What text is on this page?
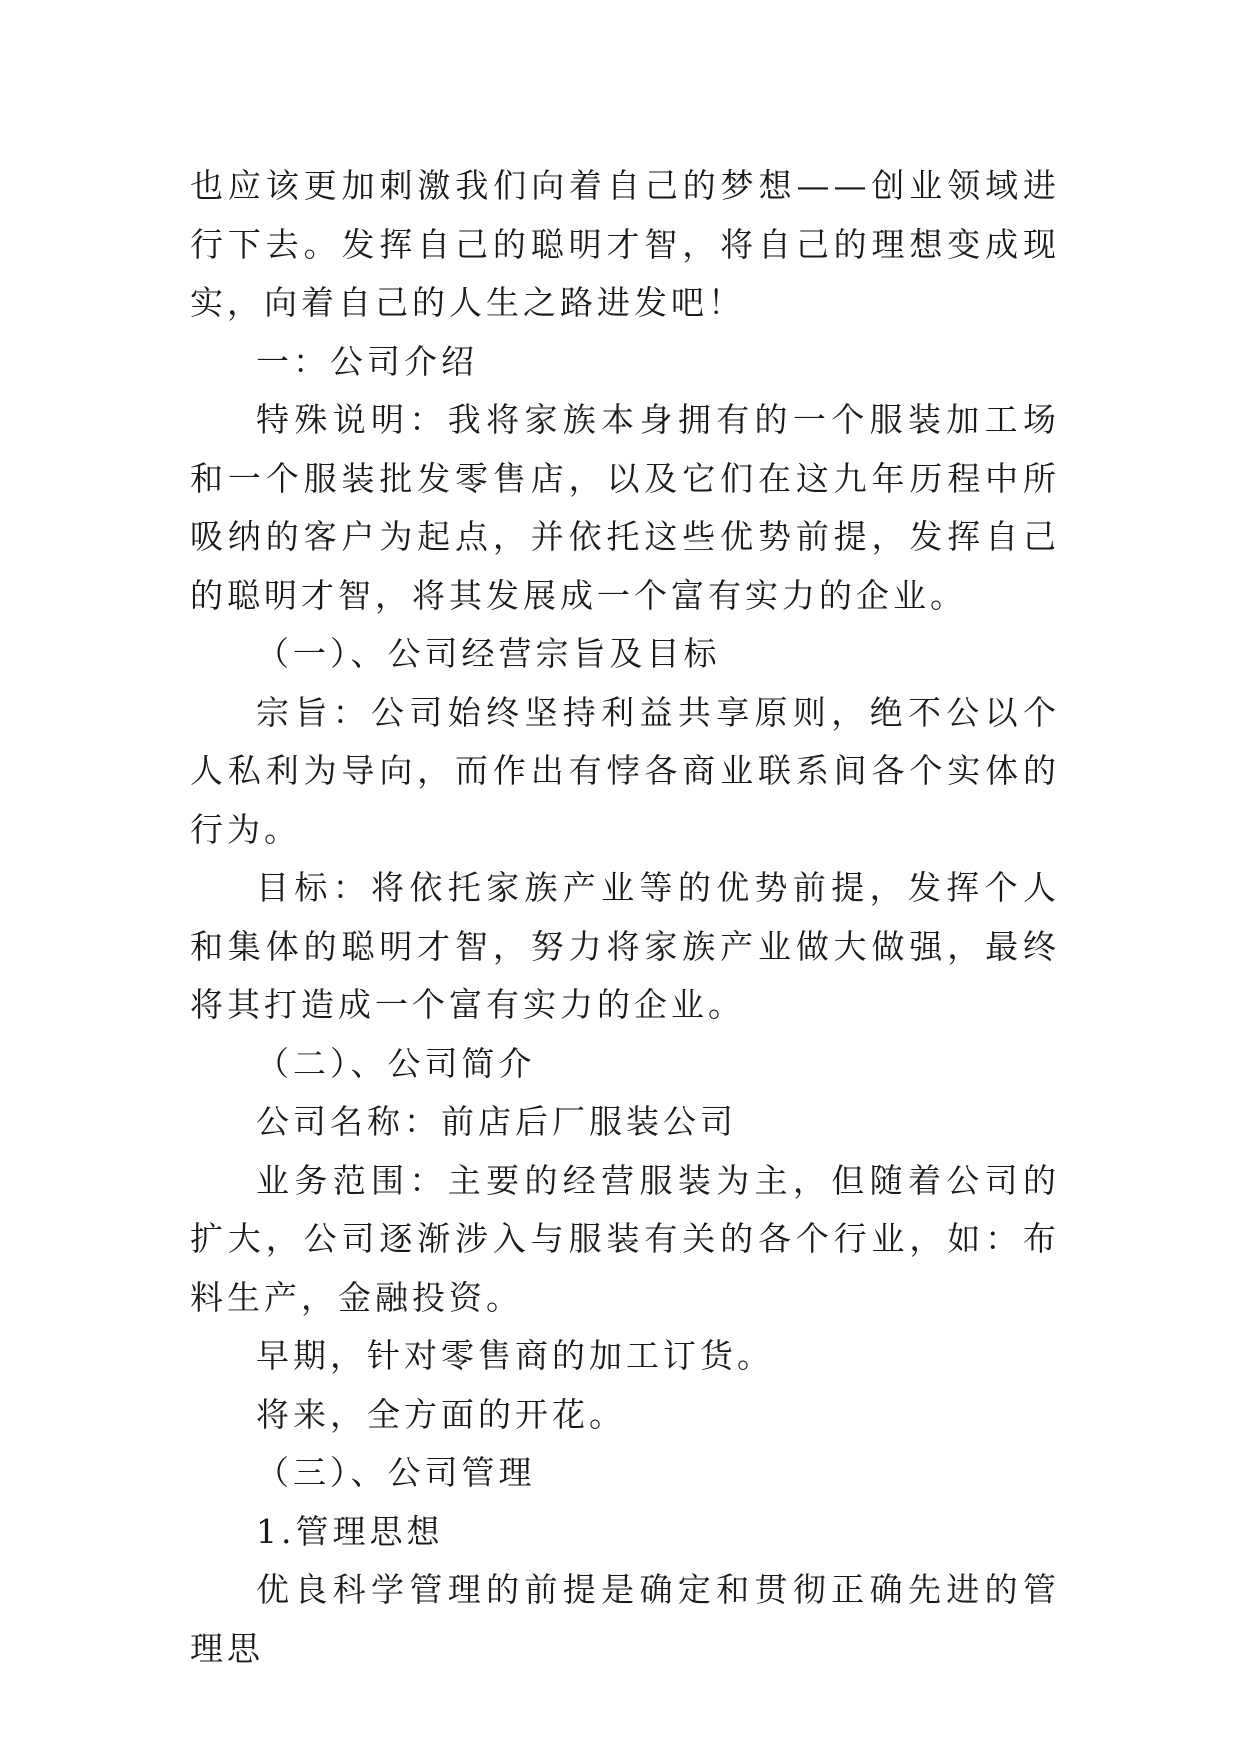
也应该更加刺激我们向着自己的梦想——创业领域进行下去。发挥自己的聪明才智，将自己的理想变成现实，向着自己的人生之路进发吧！

一：公司介绍

特殊说明：我将家族本身拥有的一个服装加工场和一个服装批发零售店，以及它们在这九年历程中所吸纳的客户为起点，并依托这些优势前提，发挥自己的聪明才智，将其发展成一个富有实力的企业。

（一）、公司经营宗旨及目标

宗旨：公司始终坚持利益共享原则，绝不公以个人私利为导向，而作出有悖各商业联系间各个实体的行为。

目标：将依托家族产业等的优势前提，发挥个人和集体的聪明才智，努力将家族产业做大做强，最终将其打造成一个富有实力的企业。

（二）、公司简介

公司名称：前店后厂服装公司

业务范围：主要的经营服装为主，但随着公司的扩大，公司逐渐涉入与服装有关的各个行业，如：布料生产，金融投资。

早期，针对零售商的加工订货。

将来，全方面的开花。

（三）、公司管理

1.管理思想

优良科学管理的前提是确定和贯彻正确先进的管理思
